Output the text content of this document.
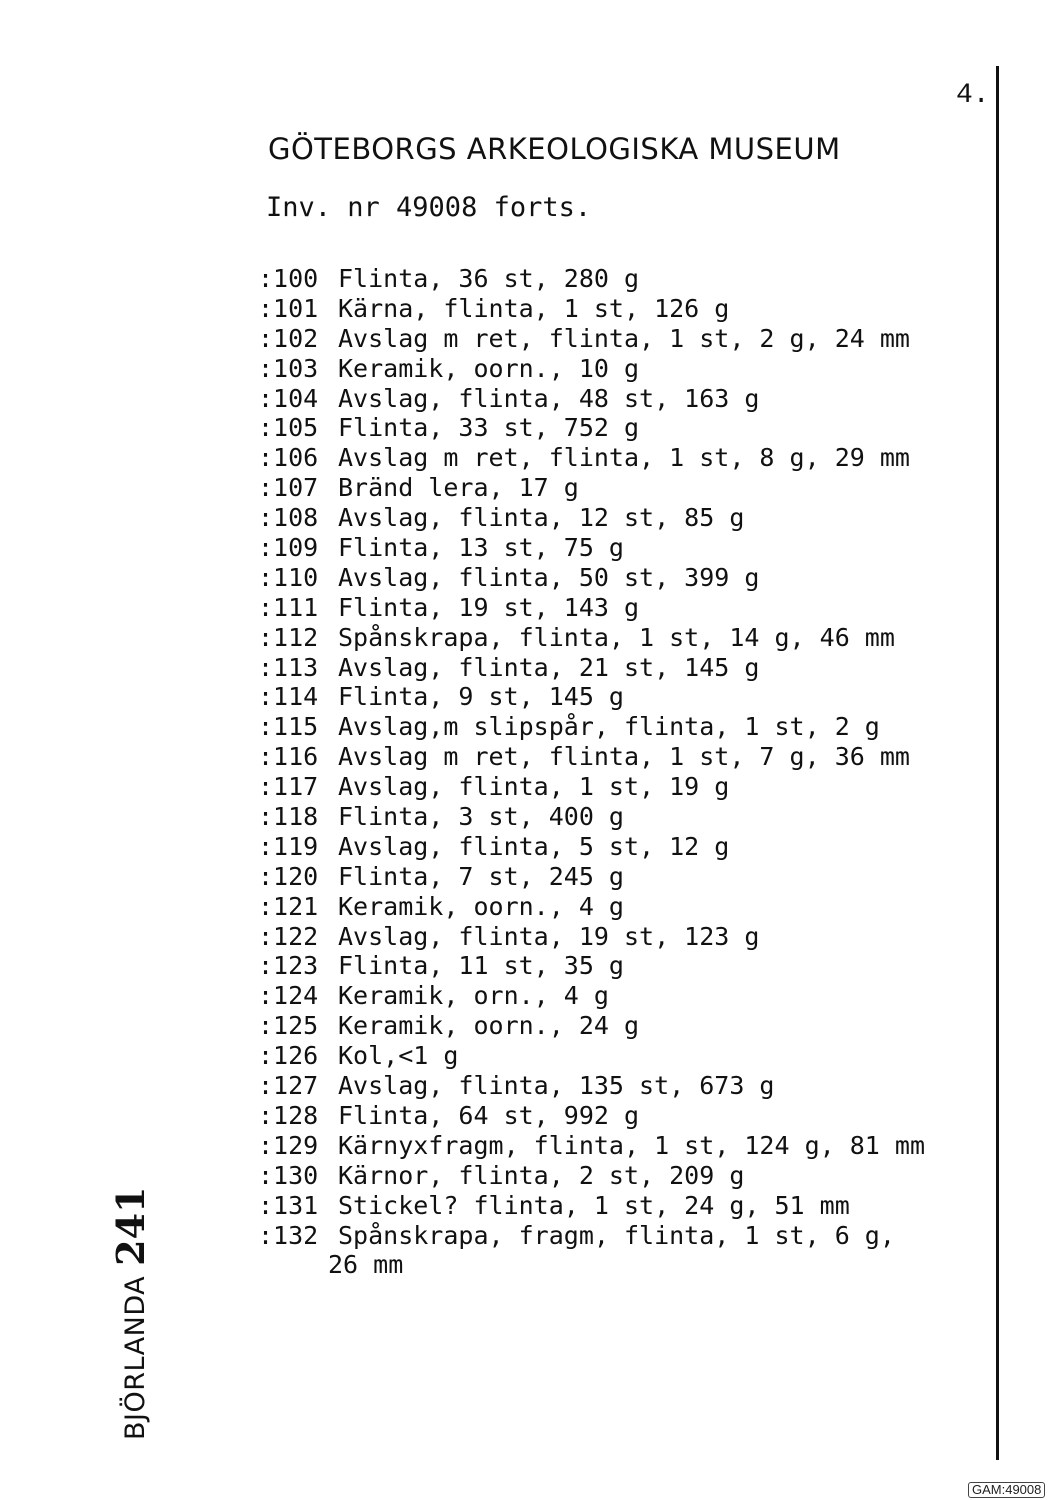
4.
GÖTEBORGS ARKEOLOGISKA MUSEUM
Inv. nr 49008 forts.
:100 Flinta, 36 st, 280 g
:101 Kärna, flinta, 1 st, 126 g
:102 Avslag m ret, flinta, 1 st, 2 g, 24 mm
:103 Keramik, oorn., 10 g
:104 Avslag, flinta, 48 st, 163 g
:105 Flinta, 33 st, 752 g
:106 Avslag m ret, flinta, 1 st, 8 g, 29 mm
:107 Bränd lera, 17 g
:108 Avslag, flinta, 12 st, 85 g
:109 Flinta, 13 st, 75 g
:110 Avslag, flinta, 50 st, 399 g
:111 Flinta, 19 st, 143 g
:112 Spånskrapa, flinta, 1 st, 14 g, 46 mm
:113 Avslag, flinta, 21 st, 145 g
:114 Flinta, 9 st, 145 g
:115 Avslag,m slipspår, flinta, 1 st, 2 g
:116 Avslag m ret, flinta, 1 st, 7 g, 36 mm
:117 Avslag, flinta, 1 st, 19 g
:118 Flinta, 3 st, 400 g
:119 Avslag, flinta, 5 st, 12 g
:120 Flinta, 7 st, 245 g
:121 Keramik, oorn., 4 g
:122 Avslag, flinta, 19 st, 123 g
:123 Flinta, 11 st, 35 g
:124 Keramik, orn., 4 g
:125 Keramik, oorn., 24 g
:126 Kol,<1 g
:127 Avslag, flinta, 135 st, 673 g
:128 Flinta, 64 st, 992 g
:129 Kärnyxfragm, flinta, 1 st, 124 g, 81 mm
:130 Kärnor, flinta, 2 st, 209 g
:131 Stickel? flinta, 1 st, 24 g, 51 mm
:132 Spånskrapa, fragm, flinta, 1 st, 6 g,
26 mm
BJÖRLANDA 241
GAM:49008
